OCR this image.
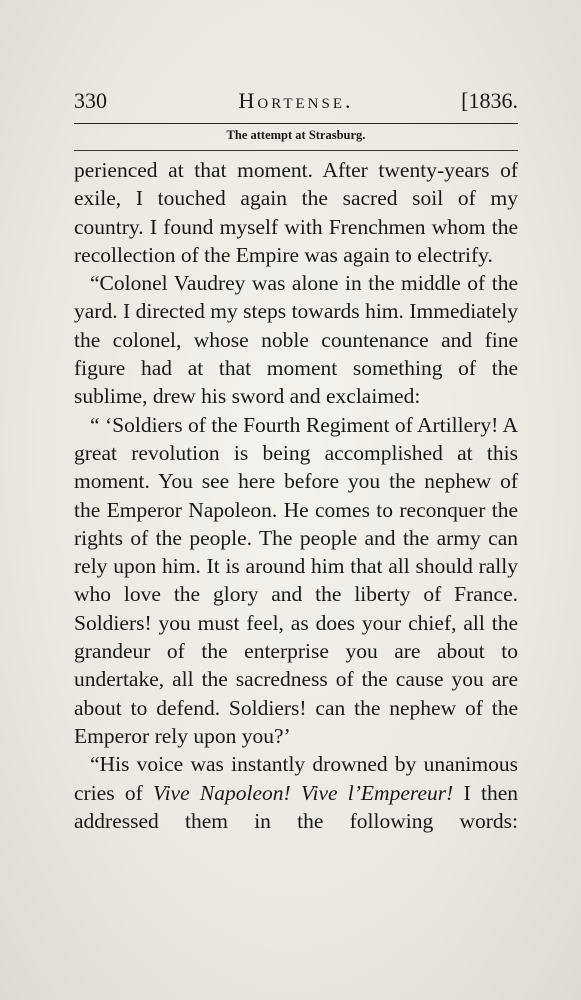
330	Hortense.	[1836.
The attempt at Strasburg.

perienced at that moment. After twenty-years of exile, I touched again the sacred soil of my country. I found myself with Frenchmen whom the recollection of the Empire was again to electrify.

“Colonel Vaudrey was alone in the middle of the yard. I directed my steps towards him. Immediately the colonel, whose noble countenance and fine figure had at that moment something of the sublime, drew his sword and exclaimed:

“ ‘Soldiers of the Fourth Regiment of Artillery! A great revolution is being accomplished at this moment. You see here before you the nephew of the Emperor Napoleon. He comes to reconquer the rights of the people. The people and the army can rely upon him. It is around him that all should rally who love the glory and the liberty of France. Soldiers! you must feel, as does your chief, all the grandeur of the enterprise you are about to undertake, all the sacredness of the cause you are about to defend. Soldiers! can the nephew of the Emperor rely upon you?’

“His voice was instantly drowned by unanimous cries of Vive Napoleon! Vive l’Empereur! I then addressed them in the following words:
